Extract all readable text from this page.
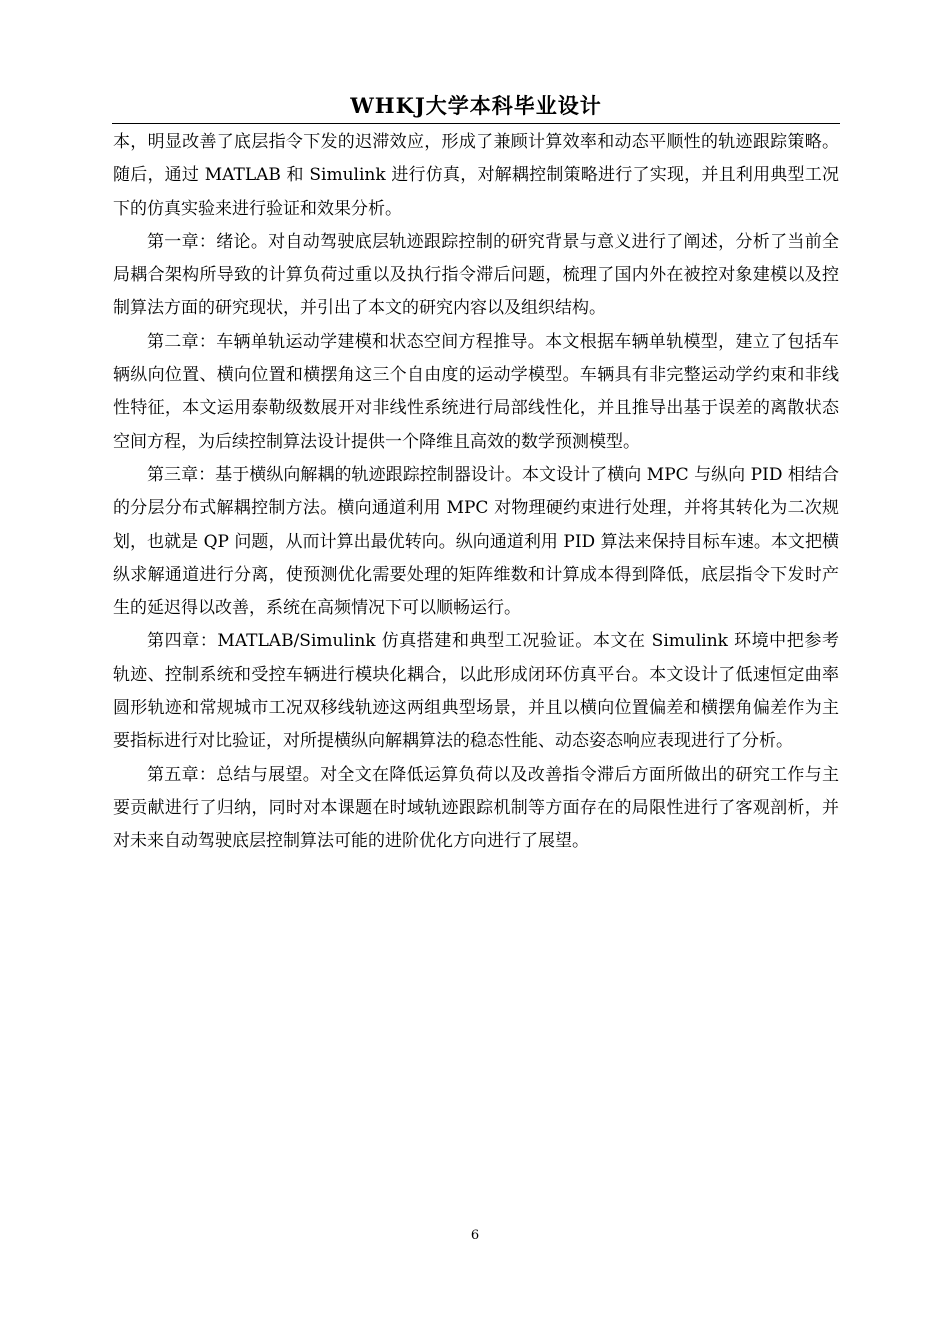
WHKJ大学本科毕业设计

本，明显改善了底层指令下发的迟滞效应，形成了兼顾计算效率和动态平顺性的轨迹跟踪策略。随后，通过 MATLAB 和 Simulink 进行仿真，对解耦控制策略进行了实现，并且利用典型工况下的仿真实验来进行验证和效果分析。

第一章：绪论。对自动驾驶底层轨迹跟踪控制的研究背景与意义进行了阐述，分析了当前全局耦合架构所导致的计算负荷过重以及执行指令滞后问题，梳理了国内外在被控对象建模以及控制算法方面的研究现状，并引出了本文的研究内容以及组织结构。

第二章：车辆单轨运动学建模和状态空间方程推导。本文根据车辆单轨模型，建立了包括车辆纵向位置、横向位置和横摆角这三个自由度的运动学模型。车辆具有非完整运动学约束和非线性特征，本文运用泰勒级数展开对非线性系统进行局部线性化，并且推导出基于误差的离散状态空间方程，为后续控制算法设计提供一个降维且高效的数学预测模型。

第三章：基于横纵向解耦的轨迹跟踪控制器设计。本文设计了横向 MPC 与纵向 PID 相结合的分层分布式解耦控制方法。横向通道利用 MPC 对物理硬约束进行处理，并将其转化为二次规划，也就是 QP 问题，从而计算出最优转向。纵向通道利用 PID 算法来保持目标车速。本文把横纵求解通道进行分离，使预测优化需要处理的矩阵维数和计算成本得到降低，底层指令下发时产生的延迟得以改善，系统在高频情况下可以顺畅运行。

第四章：MATLAB/Simulink 仿真搭建和典型工况验证。本文在 Simulink 环境中把参考轨迹、控制系统和受控车辆进行模块化耦合，以此形成闭环仿真平台。本文设计了低速恒定曲率圆形轨迹和常规城市工况双移线轨迹这两组典型场景，并且以横向位置偏差和横摆角偏差作为主要指标进行对比验证，对所提横纵向解耦算法的稳态性能、动态姿态响应表现进行了分析。

第五章：总结与展望。对全文在降低运算负荷以及改善指令滞后方面所做出的研究工作与主要贡献进行了归纳，同时对本课题在时域轨迹跟踪机制等方面存在的局限性进行了客观剖析，并对未来自动驾驶底层控制算法可能的进阶优化方向进行了展望。

6
